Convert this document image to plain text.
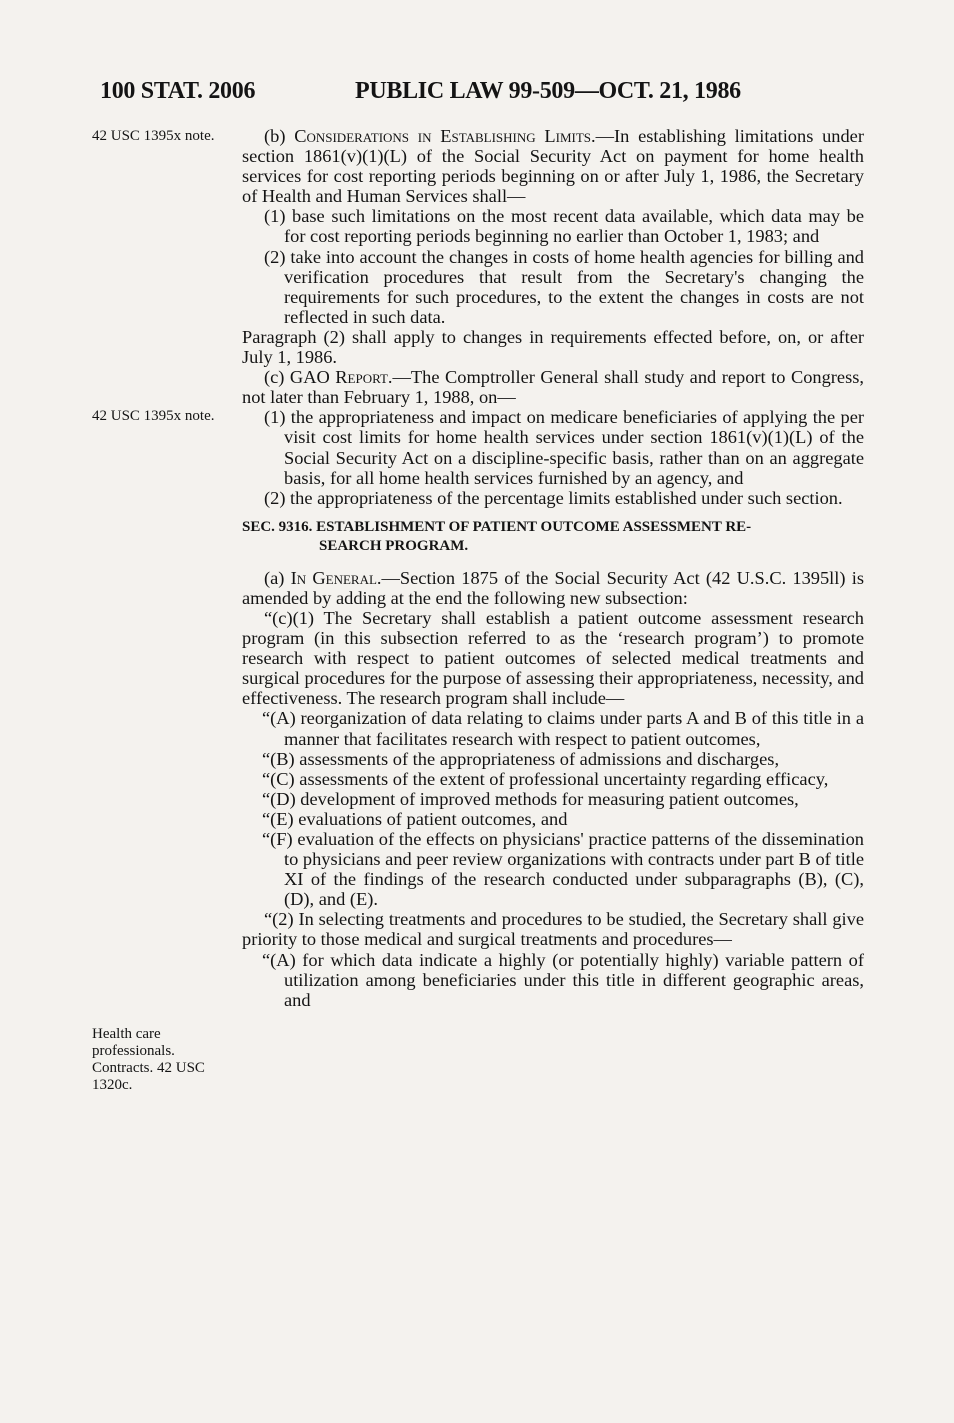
100 STAT. 2006	PUBLIC LAW 99-509—OCT. 21, 1986
42 USC 1395x note.
42 USC 1395x note.
Health care professionals. Contracts. 42 USC 1320c.

(b) Considerations in Establishing Limits.—In establishing limitations under section 1861(v)(1)(L) of the Social Security Act on payment for home health services for cost reporting periods beginning on or after July 1, 1986, the Secretary of Health and Human Services shall—

(1) base such limitations on the most recent data available, which data may be for cost reporting periods beginning no earlier than October 1, 1983; and

(2) take into account the changes in costs of home health agencies for billing and verification procedures that result from the Secretary's changing the requirements for such procedures, to the extent the changes in costs are not reflected in such data.

Paragraph (2) shall apply to changes in requirements effected before, on, or after July 1, 1986.

(c) GAO Report.—The Comptroller General shall study and report to Congress, not later than February 1, 1988, on—

(1) the appropriateness and impact on medicare beneficiaries of applying the per visit cost limits for home health services under section 1861(v)(1)(L) of the Social Security Act on a discipline-specific basis, rather than on an aggregate basis, for all home health services furnished by an agency, and

(2) the appropriateness of the percentage limits established under such section.

SEC. 9316. ESTABLISHMENT OF PATIENT OUTCOME ASSESSMENT RE-
SEARCH PROGRAM.

(a) In General.—Section 1875 of the Social Security Act (42 U.S.C. 1395ll) is amended by adding at the end the following new subsection:

“(c)(1) The Secretary shall establish a patient outcome assessment research program (in this subsection referred to as the ‘research program’) to promote research with respect to patient outcomes of selected medical treatments and surgical procedures for the purpose of assessing their appropriateness, necessity, and effectiveness. The research program shall include—

“(A) reorganization of data relating to claims under parts A and B of this title in a manner that facilitates research with respect to patient outcomes,

“(B) assessments of the appropriateness of admissions and discharges,

“(C) assessments of the extent of professional uncertainty regarding efficacy,

“(D) development of improved methods for measuring patient outcomes,

“(E) evaluations of patient outcomes, and

“(F) evaluation of the effects on physicians' practice patterns of the dissemination to physicians and peer review organizations with contracts under part B of title XI of the findings of the research conducted under subparagraphs (B), (C), (D), and (E).

“(2) In selecting treatments and procedures to be studied, the Secretary shall give priority to those medical and surgical treatments and procedures—

“(A) for which data indicate a highly (or potentially highly) variable pattern of utilization among beneficiaries under this title in different geographic areas, and
